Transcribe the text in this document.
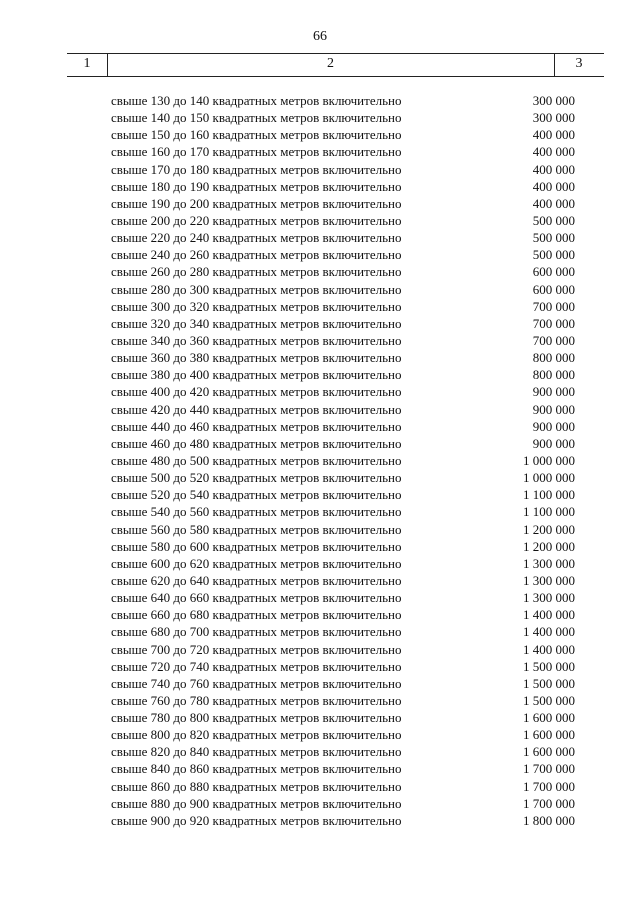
66
1	2	3
свыше 130 до 140 квадратных метров включительно	300 000
свыше 140 до 150 квадратных метров включительно	300 000
свыше 150 до 160 квадратных метров включительно	400 000
свыше 160 до 170 квадратных метров включительно	400 000
свыше 170 до 180 квадратных метров включительно	400 000
свыше 180 до 190 квадратных метров включительно	400 000
свыше 190 до 200 квадратных метров включительно	400 000
свыше 200 до 220 квадратных метров включительно	500 000
свыше 220 до 240 квадратных метров включительно	500 000
свыше 240 до 260 квадратных метров включительно	500 000
свыше 260 до 280 квадратных метров включительно	600 000
свыше 280 до 300 квадратных метров включительно	600 000
свыше 300 до 320 квадратных метров включительно	700 000
свыше 320 до 340 квадратных метров включительно	700 000
свыше 340 до 360 квадратных метров включительно	700 000
свыше 360 до 380 квадратных метров включительно	800 000
свыше 380 до 400 квадратных метров включительно	800 000
свыше 400 до 420 квадратных метров включительно	900 000
свыше 420 до 440 квадратных метров включительно	900 000
свыше 440 до 460 квадратных метров включительно	900 000
свыше 460 до 480 квадратных метров включительно	900 000
свыше 480 до 500 квадратных метров включительно	1 000 000
свыше 500 до 520 квадратных метров включительно	1 000 000
свыше 520 до 540 квадратных метров включительно	1 100 000
свыше 540 до 560 квадратных метров включительно	1 100 000
свыше 560 до 580 квадратных метров включительно	1 200 000
свыше 580 до 600 квадратных метров включительно	1 200 000
свыше 600 до 620 квадратных метров включительно	1 300 000
свыше 620 до 640 квадратных метров включительно	1 300 000
свыше 640 до 660 квадратных метров включительно	1 300 000
свыше 660 до 680 квадратных метров включительно	1 400 000
свыше 680 до 700 квадратных метров включительно	1 400 000
свыше 700 до 720 квадратных метров включительно	1 400 000
свыше 720 до 740 квадратных метров включительно	1 500 000
свыше 740 до 760 квадратных метров включительно	1 500 000
свыше 760 до 780 квадратных метров включительно	1 500 000
свыше 780 до 800 квадратных метров включительно	1 600 000
свыше 800 до 820 квадратных метров включительно	1 600 000
свыше 820 до 840 квадратных метров включительно	1 600 000
свыше 840 до 860 квадратных метров включительно	1 700 000
свыше 860 до 880 квадратных метров включительно	1 700 000
свыше 880 до 900 квадратных метров включительно	1 700 000
свыше 900 до 920 квадратных метров включительно	1 800 000
